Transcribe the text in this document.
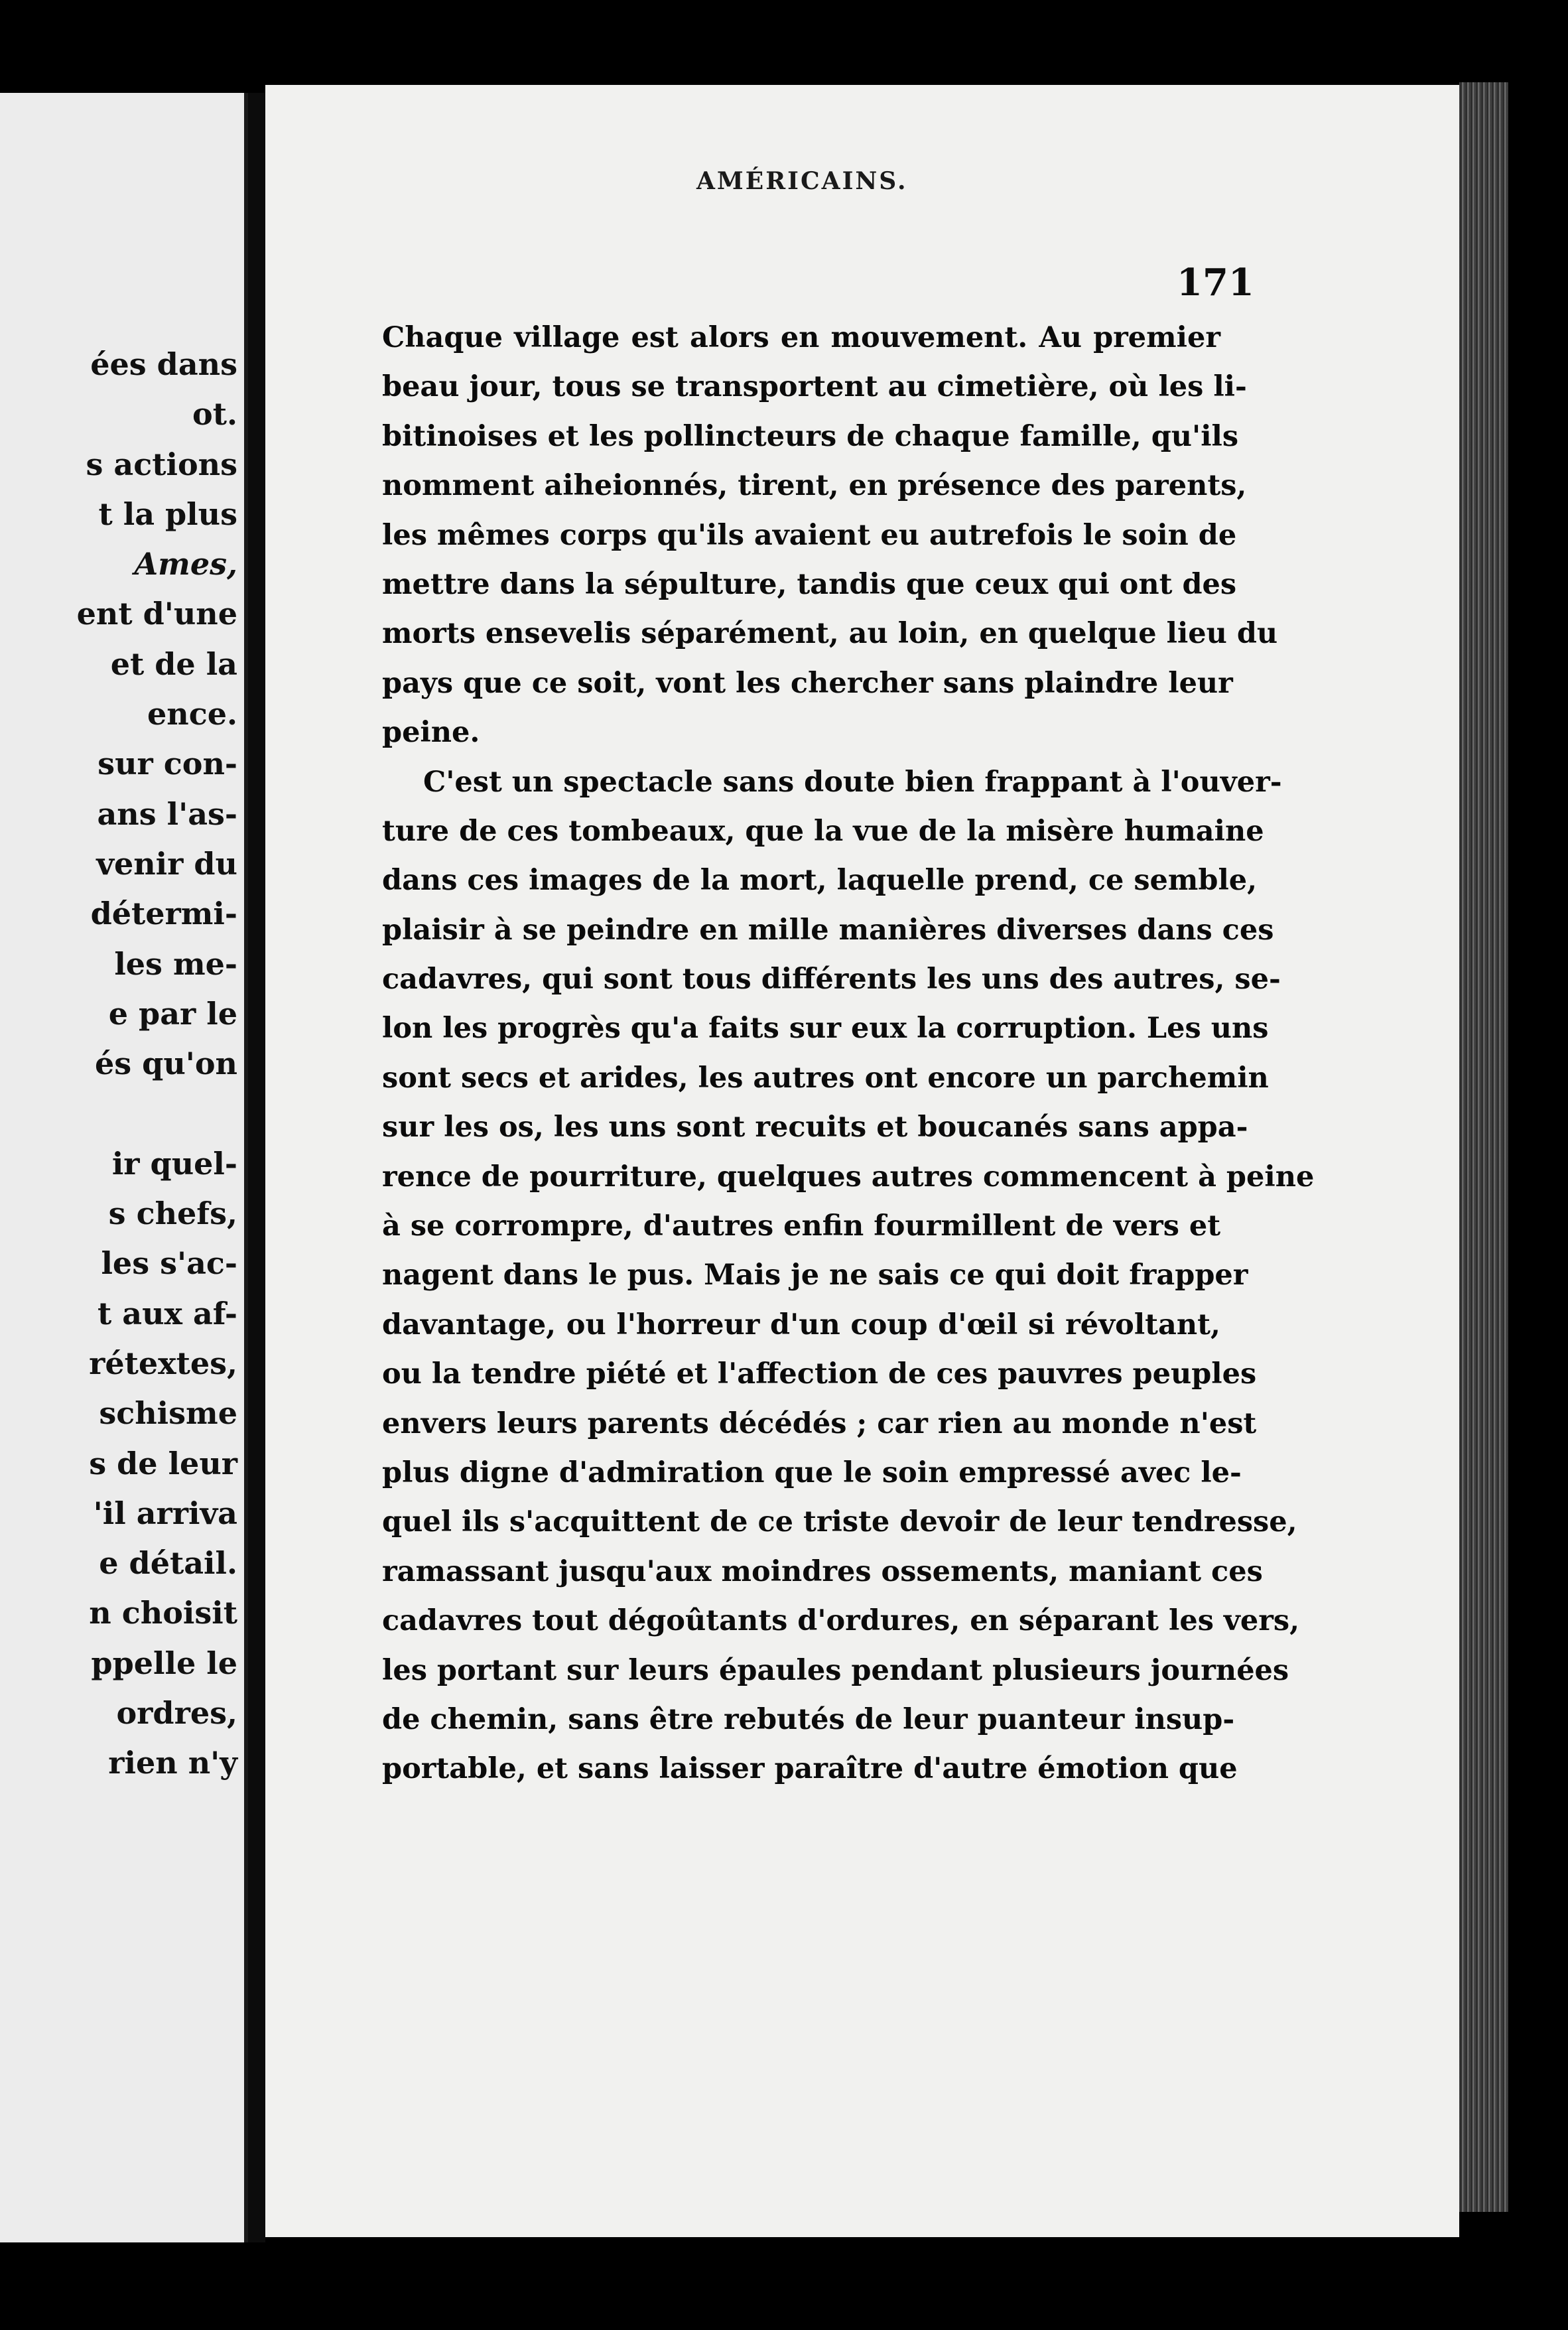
ées dans
ot.
s actions
t la plus
Ames,
ent d'une
et de la
ence.
sur con-
ans l'as-
venir du
détermi-
les me-
e par le
és qu'on

ir quel-
s chefs,
les s'ac-
t aux af-
rétextes,
schisme
s de leur
'il arriva
e détail.
n choisit
ppelle le
ordres,
rien n'y
AMÉRICAINS.
171
Chaque village est alors en mouvement. Au premier
beau jour, tous se transportent au cimetière, où les li-
bitinoises et les pollincteurs de chaque famille, qu'ils
nomment aiheionnés, tirent, en présence des parents,
les mêmes corps qu'ils avaient eu autrefois le soin de
mettre dans la sépulture, tandis que ceux qui ont des
morts ensevelis séparément, au loin, en quelque lieu du
pays que ce soit, vont les chercher sans plaindre leur
peine.
C'est un spectacle sans doute bien frappant à l'ouver-
ture de ces tombeaux, que la vue de la misère humaine
dans ces images de la mort, laquelle prend, ce semble,
plaisir à se peindre en mille manières diverses dans ces
cadavres, qui sont tous différents les uns des autres, se-
lon les progrès qu'a faits sur eux la corruption. Les uns
sont secs et arides, les autres ont encore un parchemin
sur les os, les uns sont recuits et boucanés sans appa-
rence de pourriture, quelques autres commencent à peine
à se corrompre, d'autres enfin fourmillent de vers et
nagent dans le pus. Mais je ne sais ce qui doit frapper
davantage, ou l'horreur d'un coup d'œil si révoltant,
ou la tendre piété et l'affection de ces pauvres peuples
envers leurs parents décédés ; car rien au monde n'est
plus digne d'admiration que le soin empressé avec le-
quel ils s'acquittent de ce triste devoir de leur tendresse,
ramassant jusqu'aux moindres ossements, maniant ces
cadavres tout dégoûtants d'ordures, en séparant les vers,
les portant sur leurs épaules pendant plusieurs journées
de chemin, sans être rebutés de leur puanteur insup-
portable, et sans laisser paraître d'autre émotion que
